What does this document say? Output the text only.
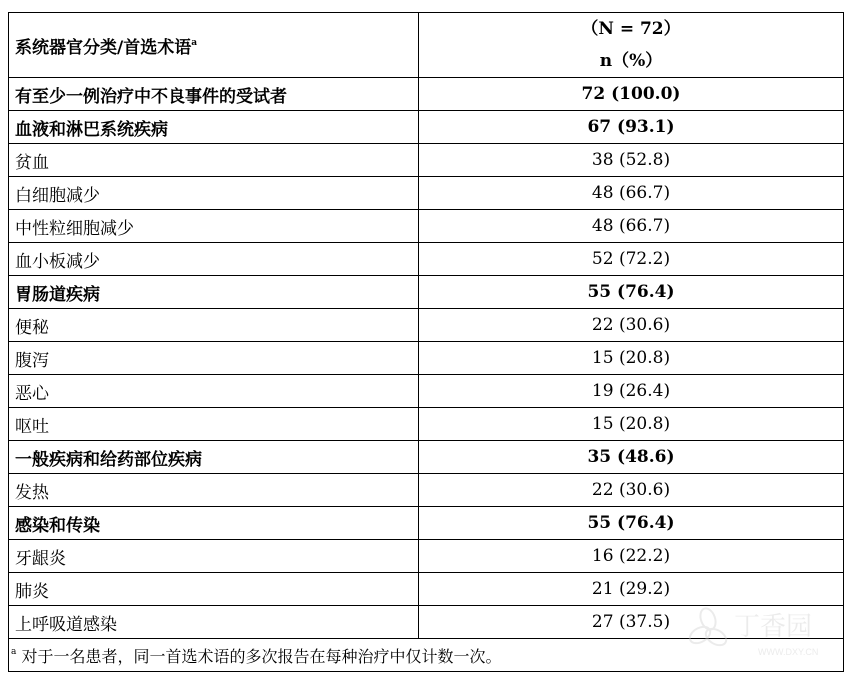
系统器官分类/首选术语$^a$	（N = 72）
n（%）

有至少一例治疗中不良事件的受试者	72 (100.0)
血液和淋巴系统疾病	67 (93.1)
贫血	38 (52.8)
白细胞减少	48 (66.7)
中性粒细胞减少	48 (66.7)
血小板减少	52 (72.2)
胃肠道疾病	55 (76.4)
便秘	22 (30.6)
腹泻	15 (20.8)
恶心	19 (26.4)
呕吐	15 (20.8)
一般疾病和给药部位疾病	35 (48.6)
发热	22 (30.6)
感染和传染	55 (76.4)
牙龈炎	16 (22.2)
肺炎	21 (29.2)
上呼吸道感染	27 (37.5)
$^a$ 对于一名患者，同一首选术语的多次报告在每种治疗中仅计数一次。	
丁香园
WWW.DXY.CN
